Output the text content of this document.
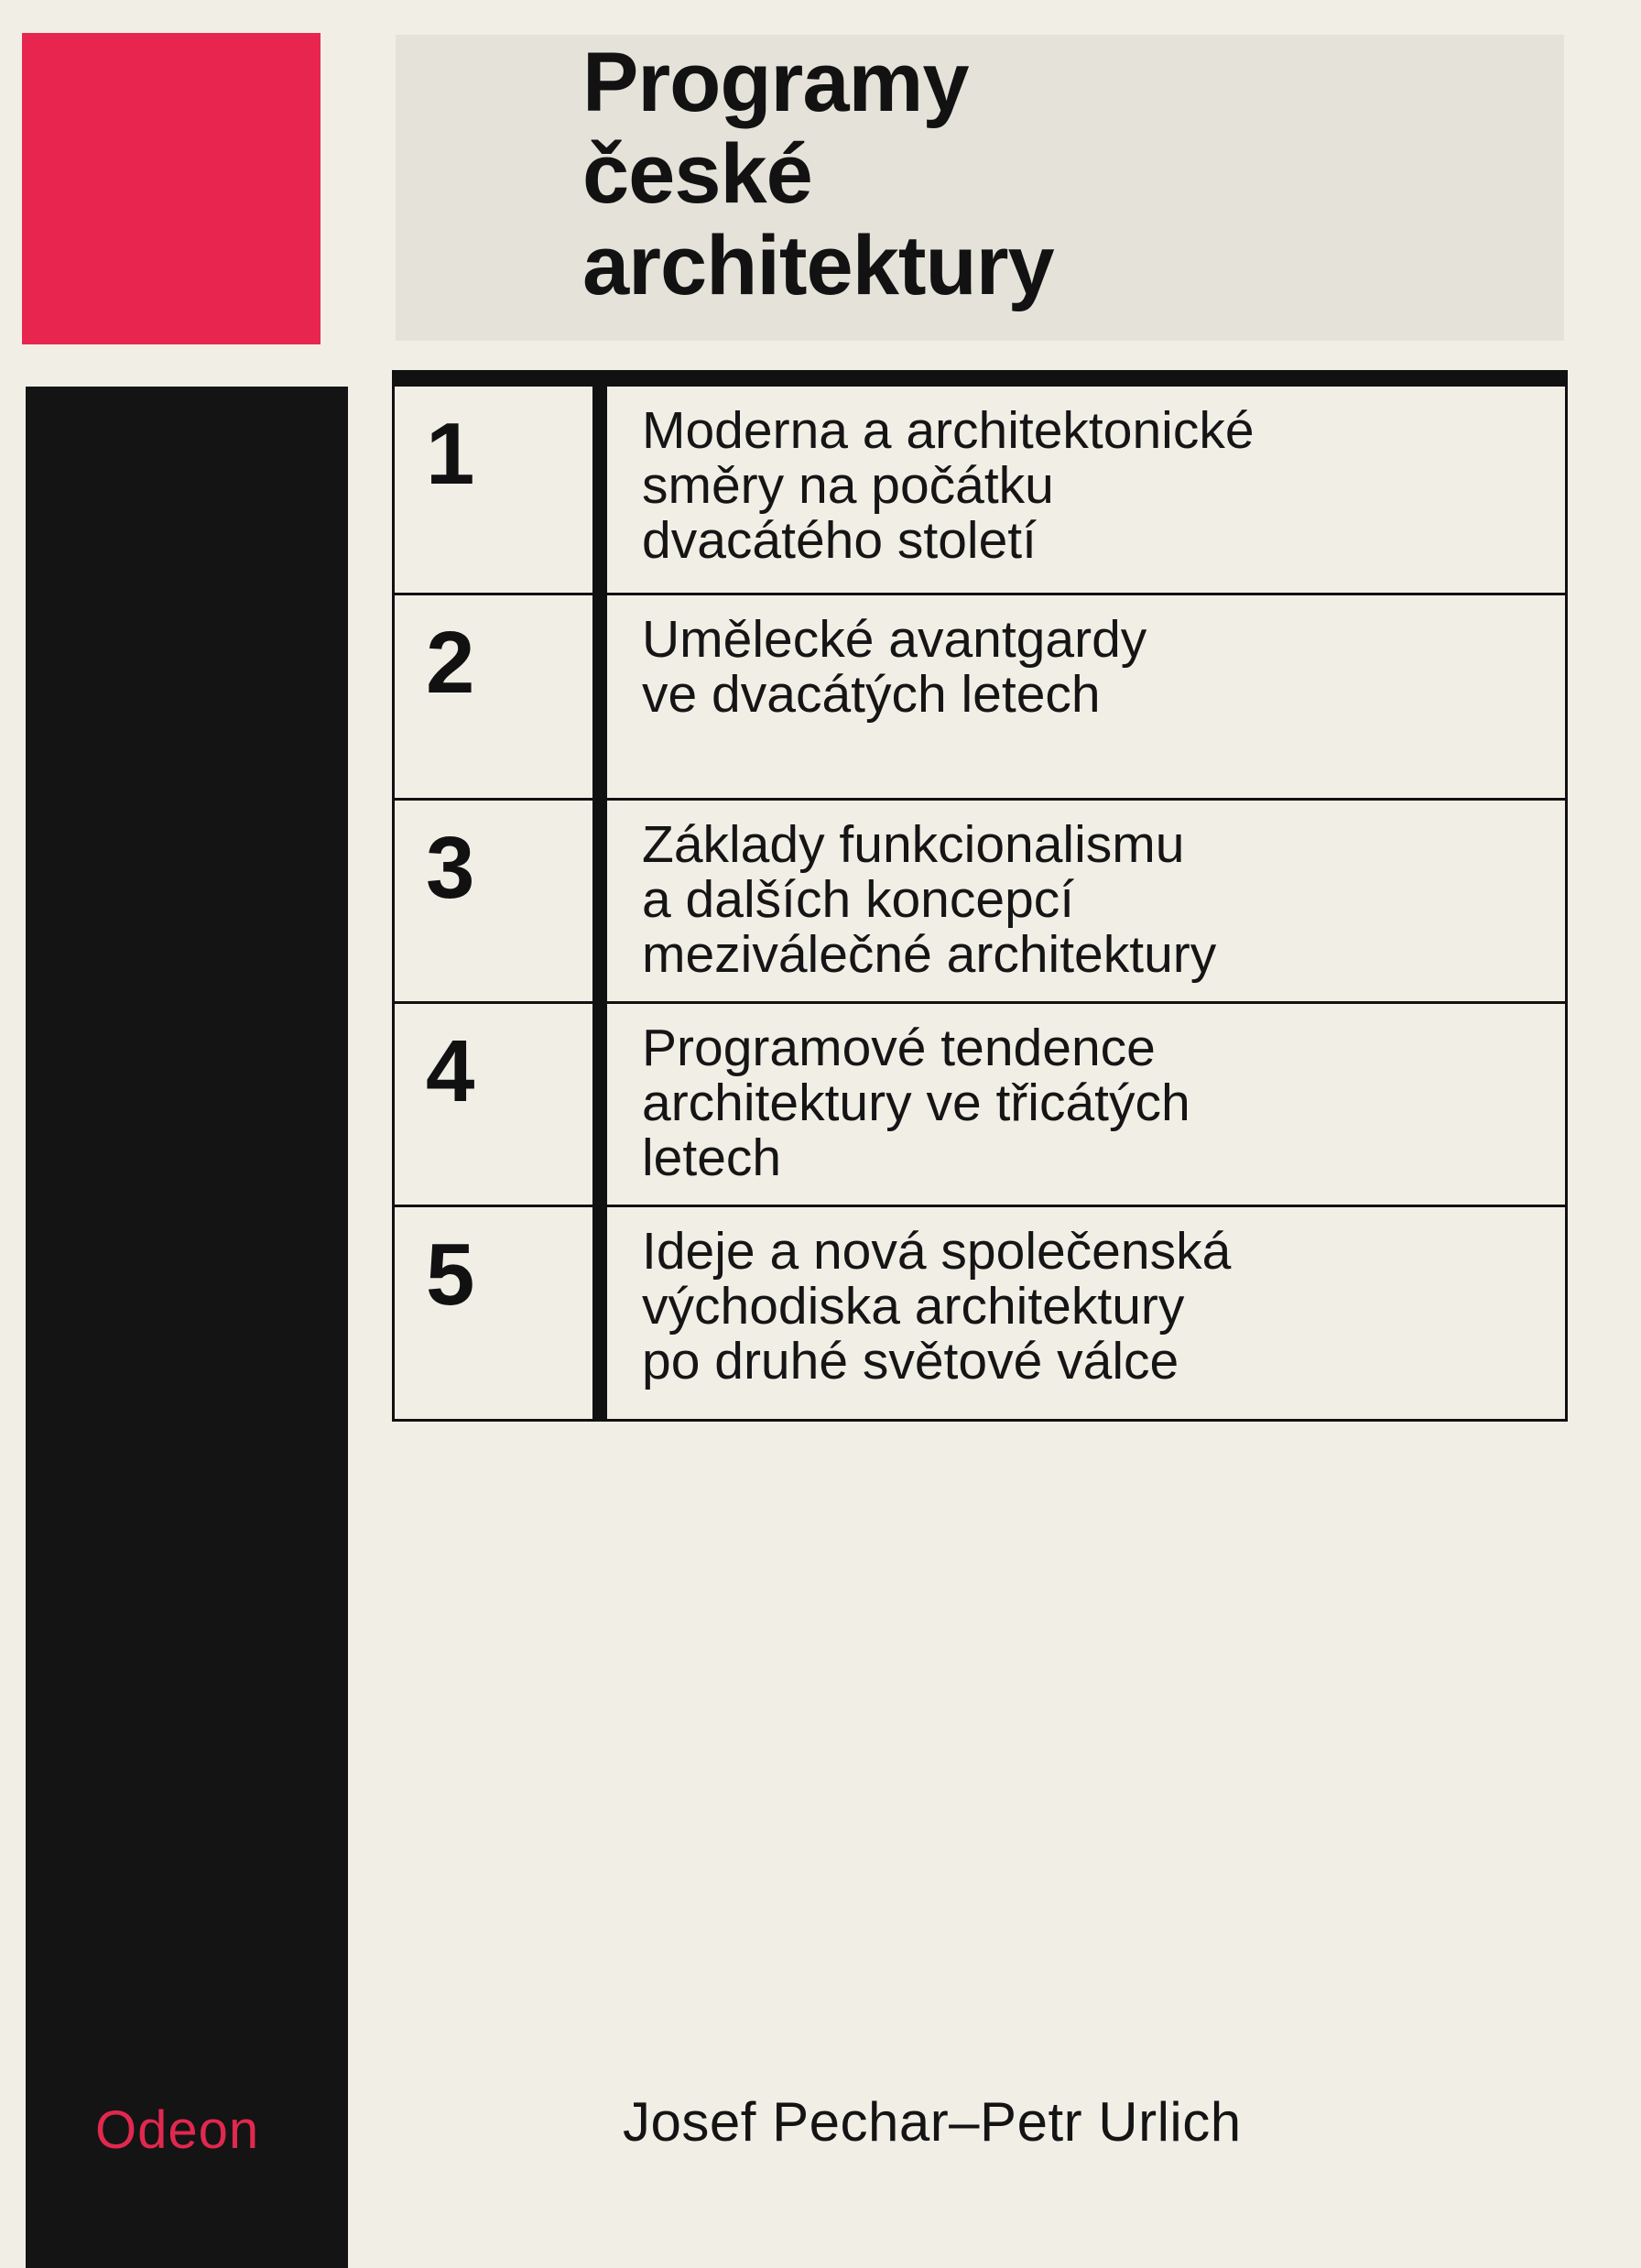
Programy
české
architektury
Odeon
1	Moderna a architektonické
směry na počátku
dvacátého století
2	Umělecké avantgardy
ve dvacátých letech
3	Základy funkcionalismu
a dalších koncepcí
meziválečné architektury
4	Programové tendence
architektury ve třicátých
letech
5	Ideje a nová společenská
východiska architektury
po druhé světové válce
Josef Pechar–Petr Urlich
